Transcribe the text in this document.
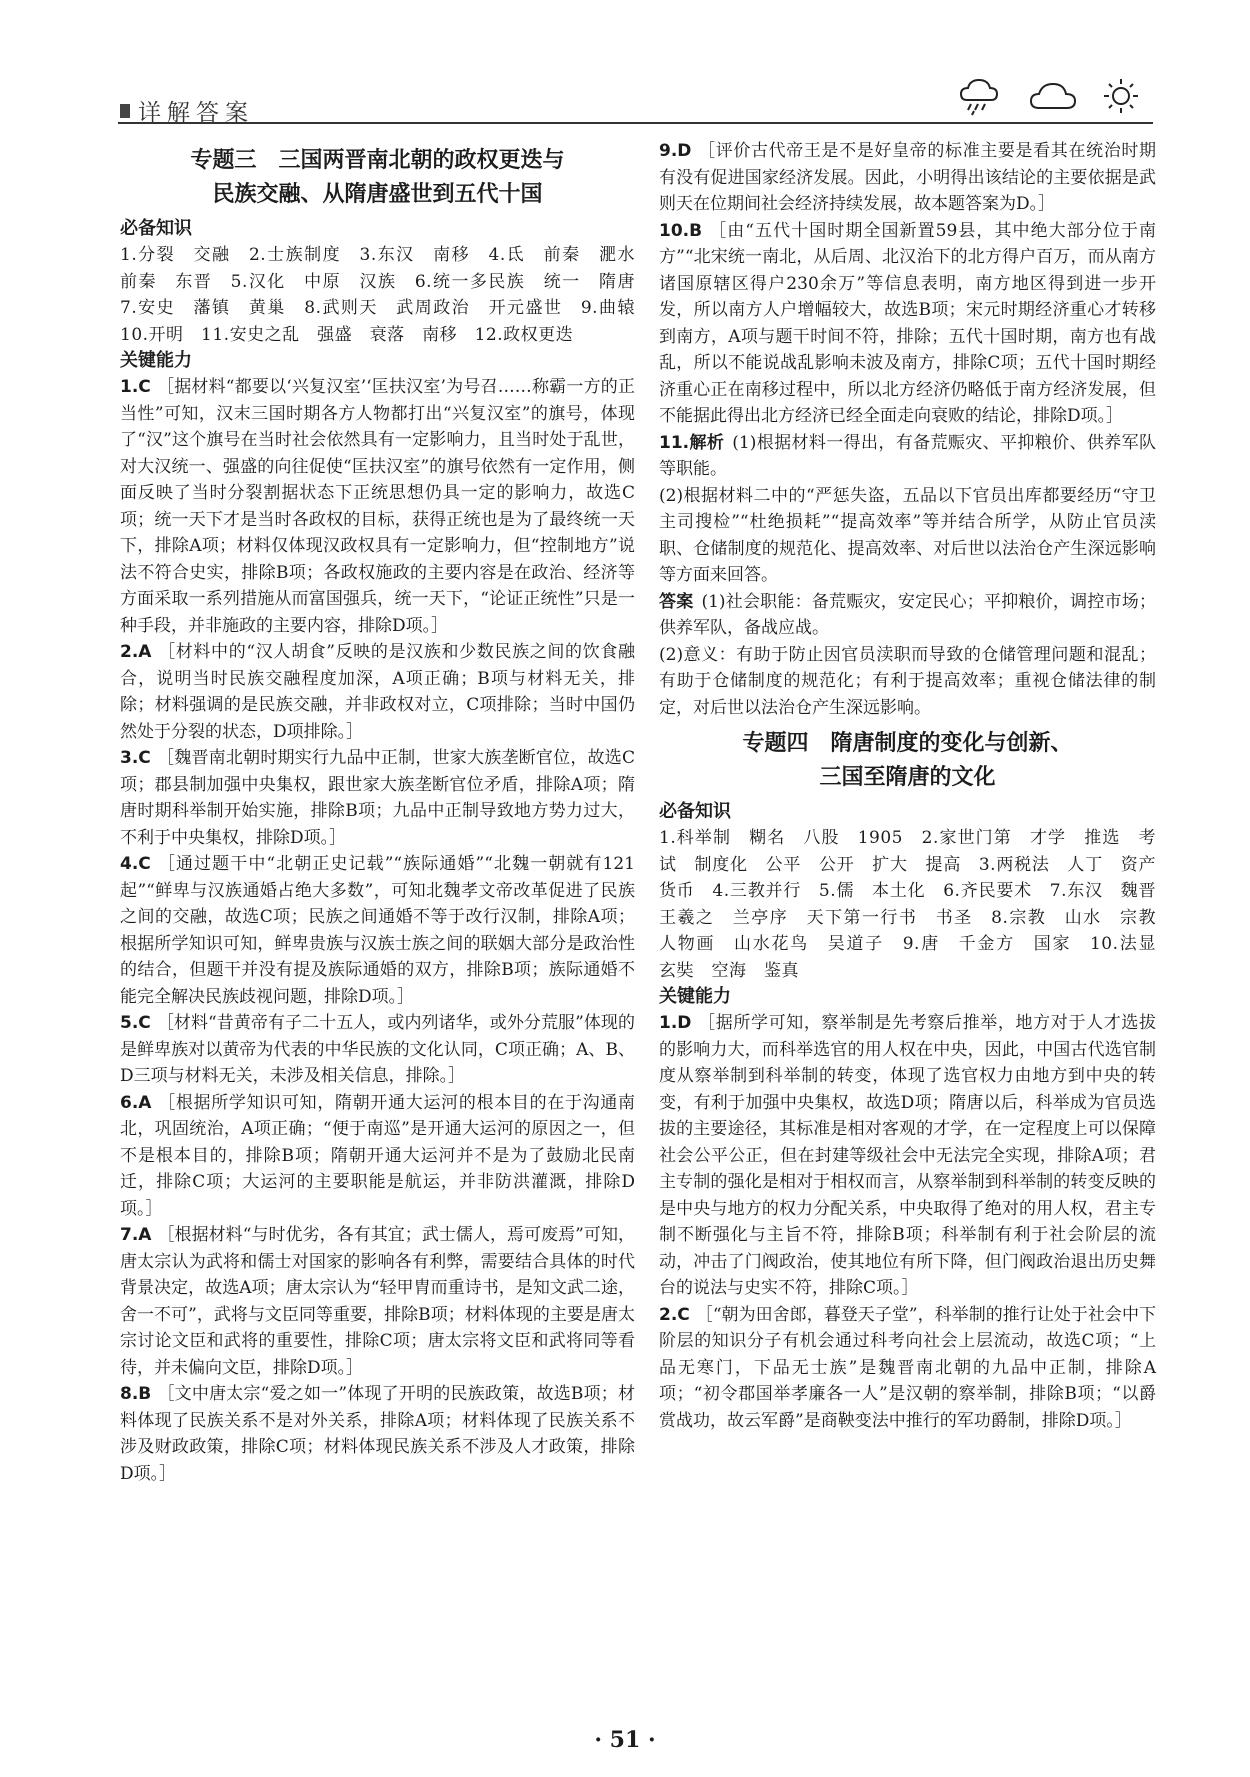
详解答案

专题三　三国两晋南北朝的政权更迭与

民族交融、从隋唐盛世到五代十国

必备知识

1.分裂　交融　2.士族制度　3.东汉　南移　4.氐　前秦　淝水　前秦　东晋　5.汉化　中原　汉族　6.统一多民族　统一　隋唐　7.安史　藩镇　黄巢　8.武则天　武周政治　开元盛世　9.曲辕　10.开明　11.安史之乱　强盛　衰落　南移　12.政权更迭

关键能力

1.C ［据材料“都要以‘兴复汉室’‘匡扶汉室’为号召……称霸一方的正当性”可知，汉末三国时期各方人物都打出“兴复汉室”的旗号，体现了“汉”这个旗号在当时社会依然具有一定影响力，且当时处于乱世，对大汉统一、强盛的向往促使“匡扶汉室”的旗号依然有一定作用，侧面反映了当时分裂割据状态下正统思想仍具一定的影响力，故选C项；统一天下才是当时各政权的目标，获得正统也是为了最终统一天下，排除A项；材料仅体现汉政权具有一定影响力，但“控制地方”说法不符合史实，排除B项；各政权施政的主要内容是在政治、经济等方面采取一系列措施从而富国强兵，统一天下，“论证正统性”只是一种手段，并非施政的主要内容，排除D项。］

2.A ［材料中的“汉人胡食”反映的是汉族和少数民族之间的饮食融合，说明当时民族交融程度加深，A项正确；B项与材料无关，排除；材料强调的是民族交融，并非政权对立，C项排除；当时中国仍然处于分裂的状态，D项排除。］

3.C ［魏晋南北朝时期实行九品中正制，世家大族垄断官位，故选C项；郡县制加强中央集权，跟世家大族垄断官位矛盾，排除A项；隋唐时期科举制开始实施，排除B项；九品中正制导致地方势力过大，不利于中央集权，排除D项。］

4.C ［通过题干中“北朝正史记载”“族际通婚”“北魏一朝就有121起”“鲜卑与汉族通婚占绝大多数”，可知北魏孝文帝改革促进了民族之间的交融，故选C项；民族之间通婚不等于改行汉制，排除A项；根据所学知识可知，鲜卑贵族与汉族士族之间的联姻大部分是政治性的结合，但题干并没有提及族际通婚的双方，排除B项；族际通婚不能完全解决民族歧视问题，排除D项。］

5.C ［材料“昔黄帝有子二十五人，或内列诸华，或外分荒服”体现的是鲜卑族对以黄帝为代表的中华民族的文化认同，C项正确；A、B、D三项与材料无关，未涉及相关信息，排除。］

6.A ［根据所学知识可知，隋朝开通大运河的根本目的在于沟通南北，巩固统治，A项正确；“便于南巡”是开通大运河的原因之一，但不是根本目的，排除B项；隋朝开通大运河并不是为了鼓励北民南迁，排除C项；大运河的主要职能是航运，并非防洪灌溉，排除D项。］

7.A ［根据材料“与时优劣，各有其宜；武士儒人，焉可废焉”可知，唐太宗认为武将和儒士对国家的影响各有利弊，需要结合具体的时代背景决定，故选A项；唐太宗认为“轻甲胄而重诗书，是知文武二途，舍一不可”，武将与文臣同等重要，排除B项；材料体现的主要是唐太宗讨论文臣和武将的重要性，排除C项；唐太宗将文臣和武将同等看待，并未偏向文臣，排除D项。］

8.B ［文中唐太宗“爱之如一”体现了开明的民族政策，故选B项；材料体现了民族关系不是对外关系，排除A项；材料体现了民族关系不涉及财政政策，排除C项；材料体现民族关系不涉及人才政策，排除D项。］

9.D ［评价古代帝王是不是好皇帝的标准主要是看其在统治时期有没有促进国家经济发展。因此，小明得出该结论的主要依据是武则天在位期间社会经济持续发展，故本题答案为D。］

10.B ［由“五代十国时期全国新置59县，其中绝大部分位于南方”“北宋统一南北，从后周、北汉治下的北方得户百万，而从南方诸国原辖区得户230余万”等信息表明，南方地区得到进一步开发，所以南方人户增幅较大，故选B项；宋元时期经济重心才转移到南方，A项与题干时间不符，排除；五代十国时期，南方也有战乱，所以不能说战乱影响未波及南方，排除C项；五代十国时期经济重心正在南移过程中，所以北方经济仍略低于南方经济发展，但不能据此得出北方经济已经全面走向衰败的结论，排除D项。］

11.解析 (1)根据材料一得出，有备荒赈灾、平抑粮价、供养军队等职能。

(2)根据材料二中的“严惩失盗，五品以下官员出库都要经历“守卫主司搜检”“杜绝损耗”“提高效率”等并结合所学，从防止官员渎职、仓储制度的规范化、提高效率、对后世以法治仓产生深远影响等方面来回答。

答案 (1)社会职能：备荒赈灾，安定民心；平抑粮价，调控市场；供养军队，备战应战。

(2)意义：有助于防止因官员渎职而导致的仓储管理问题和混乱；有助于仓储制度的规范化；有利于提高效率；重视仓储法律的制定，对后世以法治仓产生深远影响。

专题四　隋唐制度的变化与创新、

三国至隋唐的文化

必备知识

1.科举制　糊名　八股　1905　2.家世门第　才学　推选　考试　制度化　公平　公开　扩大　提高　3.两税法　人丁　资产　货币　4.三教并行　5.儒　本土化　6.齐民要术　7.东汉　魏晋　王羲之　兰亭序　天下第一行书　书圣　8.宗教　山水　宗教　人物画　山水花鸟　吴道子　9.唐　千金方　国家　10.法显　玄奘　空海　鉴真

关键能力

1.D ［据所学可知，察举制是先考察后推举，地方对于人才选拔的影响力大，而科举选官的用人权在中央，因此，中国古代选官制度从察举制到科举制的转变，体现了选官权力由地方到中央的转变，有利于加强中央集权，故选D项；隋唐以后，科举成为官员选拔的主要途径，其标准是相对客观的才学，在一定程度上可以保障社会公平公正，但在封建等级社会中无法完全实现，排除A项；君主专制的强化是相对于相权而言，从察举制到科举制的转变反映的是中央与地方的权力分配关系，中央取得了绝对的用人权，君主专制不断强化与主旨不符，排除B项；科举制有利于社会阶层的流动，冲击了门阀政治，使其地位有所下降，但门阀政治退出历史舞台的说法与史实不符，排除C项。］

2.C ［“朝为田舍郎，暮登天子堂”，科举制的推行让处于社会中下阶层的知识分子有机会通过科考向社会上层流动，故选C项；“上品无寒门，下品无士族”是魏晋南北朝的九品中正制，排除A项；“初令郡国举孝廉各一人”是汉朝的察举制，排除B项；“以爵赏战功，故云军爵”是商鞅变法中推行的军功爵制，排除D项。］

· 51 ·
